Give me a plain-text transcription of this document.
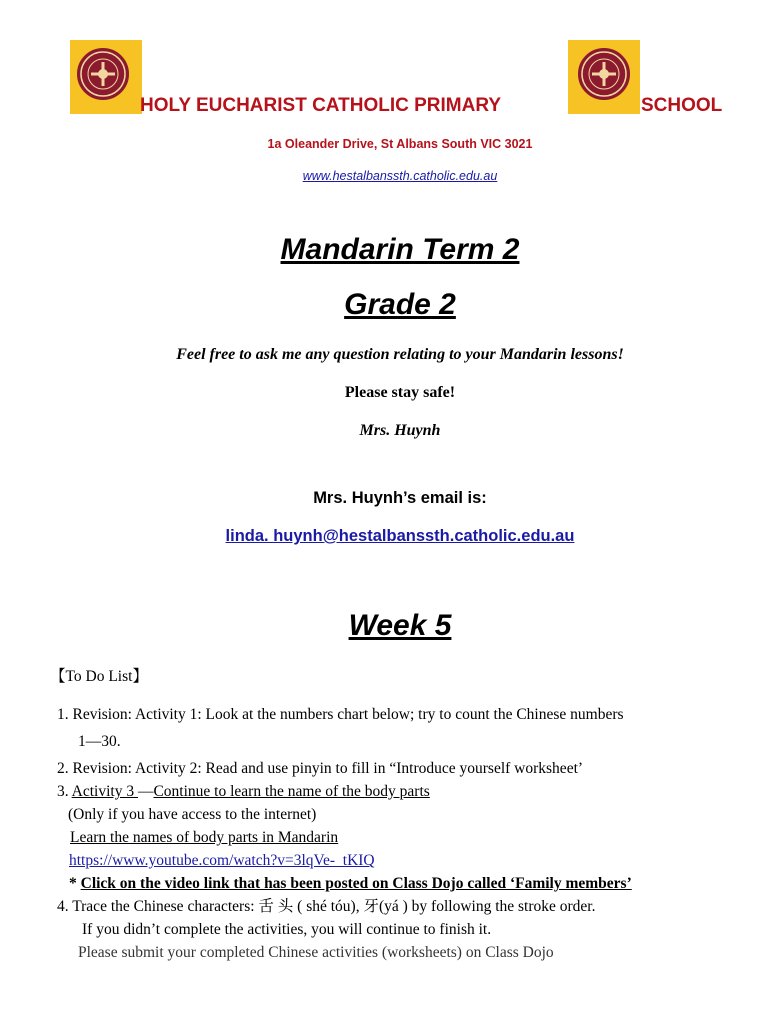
HOLY EUCHARIST CATHOLIC PRIMARY	SCHOOL
1a Oleander Drive, St Albans South VIC 3021
www.hestalbanssth.catholic.edu.au
Mandarin Term 2
Grade 2
Feel free to ask me any question relating to your Mandarin lessons!
Please stay safe!
Mrs. Huynh
Mrs. Huynh’s email is:
linda. huynh@hestalbanssth.catholic.edu.au
Week 5
【To Do List】
1. Revision: Activity 1: Look at the numbers chart below; try to count the Chinese numbers
1—30.
2. Revision: Activity 2: Read and use pinyin to fill in “Introduce yourself worksheet’
3. Activity 3 —Continue to learn the name of the body parts
(Only if you have access to the internet)
Learn the names of body parts in Mandarin
https://www.youtube.com/watch?v=3lqVe-_tKIQ
* Click on the video link that has been posted on Class Dojo called ‘Family members’
4. Trace the Chinese characters: 舌 头 ( shé tóu), 牙(yá ) by following the stroke order.
If you didn’t complete the activities, you will continue to finish it.
Please submit your completed Chinese activities (worksheets) on Class Dojo
